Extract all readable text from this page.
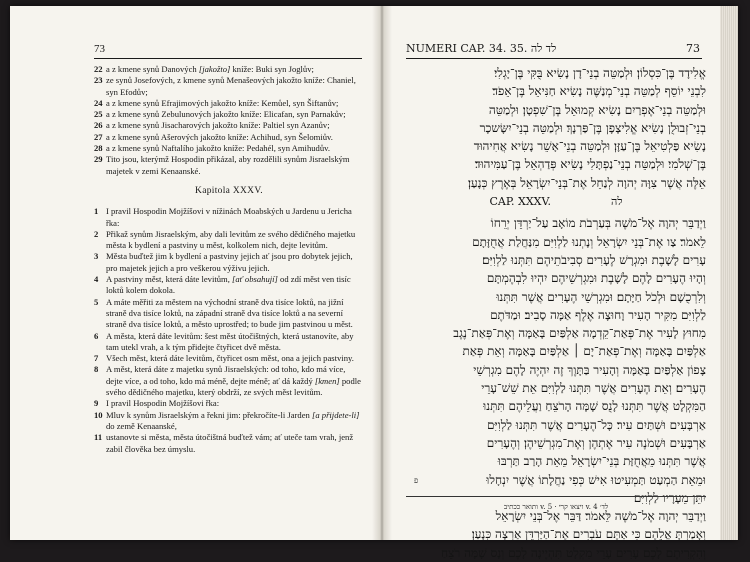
73

22 a z kmene synů Danových [jakožto] kníže: Buki syn Joglův;

23 ze synů Josefových, z kmene synů Menašeových jakožto kníže: Chaniel, syn Efodův;

24 a z kmene synů Efrajimových jakožto kníže: Kemůel, syn Šiftanův;

25 a z kmene synů Zebulunových jakožto kníže: Elicafan, syn Parnakův;

26 a z kmene synů Jisacharových jakožto kníže: Paltiel syn Azanův;

27 a z kmene synů Ašerových jakožto kníže: Achihud, syn Šelomiův.

28 a z kmene synů Naftalího jakožto kníže: Pedahél, syn Amihudův.

29 Tito jsou, kterýmž Hospodin přikázal, aby rozdělili synům Jisraelským majetek v zemi Kenaanské.

Kapitola XXXV.

1 I pravil Hospodin Mojžíšovi v nížinách Moabských u Jardenu u Jericha řka:

2 Přikaž synům Jisraelským, aby dali levitům ze svého dědičného majetku města k bydlení a pastviny u měst, kolkolem nich, dejte levitům.

3 Města buďtež jim k bydlení a pastviny jejich ať jsou pro dobytek jejich, pro majetek jejich a pro veškerou výživu jejich.

4 A pastviny měst, která dáte levitům, [ať obsahují] od zdí měst ven tisíc loktů kolem dokola.

5 A máte měřiti za městem na východní straně dva tisíce loktů, na jižní straně dva tisíce loktů, na západní straně dva tisíce loktů a na severní straně dva tisíce loktů, a město uprostřed; to bude jim pastvinou u měst.

6 A města, která dáte levitům: šest měst útočištných, která ustanovíte, aby tam utekl vrah, a k tým přidejte čtyřicet dvě města.

7 Všech měst, která dáte levitům, čtyřicet osm měst, ona a jejich pastviny.

8 A měst, která dáte z majetku synů Jisraelských: od toho, kdo má více, dejte více, a od toho, kdo má méně, dejte méně; ať dá každý [kmen] podle svého dědičného majetku, který obdrží, ze svých měst levitům.

9 I pravil Hospodin Mojžíšovi řka:

10 Mluv k synům Jisraelským a řekni jim: překročíte-li Jarden [a přijdete-li] do země Kenaanské,

11 ustanovte si města, města útočištná buďtež vám; ať uteče tam vrah, jenž zabil člověka bez úmyslu.

NUMERI CAP. 34. 35. לד לה	73
אֱלִידָד בֶּן־כִּסְלוֹן׃ וּלְמַטֵּה בְנֵי־דָן נָשִׂיא בֻּקִּי בֶּן־יָגְלִי׃
לִבְנֵי יוֹסֵף לְמַטֵּה בְנֵי־מְנַשֶּׁה נָשִׂיא חַנִּיאֵל בֶּן־אֵפֹד׃
וּלְמַטֵּה בְנֵי־אֶפְרַיִם נָשִׂיא קְמוּאֵל בֶּן־שִׁפְטָן׃ וּלְמַטֵּה
בְנֵי־זְבוּלֻן נָשִׂיא אֱלִיצָפָן בֶּן־פַּרְנָךְ׃ וּלְמַטֵּה בְנֵי־יִשָּׂשכָר
נָשִׂיא פַּלְטִיאֵל בֶּן־עַזָּן׃ וּלְמַטֵּה בְנֵי־אָשֵׁר נָשִׂיא אֲחִיהוּד
בֶּן־שְׁלֹמִי׃ וּלְמַטֵּה בְנֵי־נַפְתָּלִי נָשִׂיא פְּדַהְאֵל בֶּן־עַמִּיהוּד׃
אֵלֶּה אֲשֶׁר צִוָּה יְהוָה לְנַחֵל אֶת־בְּנֵי־יִשְׂרָאֵל בְּאֶרֶץ כְּנָעַן׃
CAP. XXXV.	לה
וַיְדַבֵּר יְהוָה אֶל־מֹשֶׁה בְּעַרְבֹת מוֹאָב עַל־יַרְדֵּן יְרֵחוֹ
לֵאמֹר׃ צַו אֶת־בְּנֵי יִשְׂרָאֵל וְנָתְנוּ לַלְוִיִּם מִנַּחֲלַת אֲחֻזָּתָם
עָרִים לָשָׁבֶת וּמִגְרָשׁ לֶעָרִים סְבִיבֹתֵיהֶם תִּתְּנוּ לַלְוִיִּם׃
וְהָיוּ הֶעָרִים לָהֶם לָשָׁבֶת וּמִגְרְשֵׁיהֶם יִהְיוּ לִבְהֶמְתָּם
וְלִרְכֻשָׁם וּלְכֹל חַיָּתָם׃ וּמִגְרְשֵׁי הֶעָרִים אֲשֶׁר תִּתְּנוּ
לַלְוִיִּם מִקִּיר הָעִיר וָחוּצָה אֶלֶף אַמָּה סָבִיב׃ וּמַדֹּתֶם
מִחוּץ לָעִיר אֶת־פְּאַת־קֵדְמָה אַלְפַּיִם בָּאַמָּה וְאֶת־פְּאַת־נֶגֶב
אַלְפַּיִם בָּאַמָּה וְאֶת־פְּאַת־יָם ׀ אַלְפַּיִם בָּאַמָּה וְאֵת פְּאַת
צָפוֹן אַלְפַּיִם בָּאַמָּה וְהָעִיר בַּתָּוֶךְ זֶה יִהְיֶה לָהֶם מִגְרְשֵׁי
הֶעָרִים׃ וְאֵת הֶעָרִים אֲשֶׁר תִּתְּנוּ לַלְוִיִּם אֵת שֵׁשׁ־עָרֵי
הַמִּקְלָט אֲשֶׁר תִּתְּנוּ לָנֻס שָׁמָּה הָרֹצֵחַ וַעֲלֵיהֶם תִּתְּנוּ
אַרְבָּעִים וּשְׁתַּיִם עִיר׃ כָּל־הֶעָרִים אֲשֶׁר תִּתְּנוּ לַלְוִיִּם
אַרְבָּעִים וּשְׁמֹנֶה עִיר אֶתְהֶן וְאֶת־מִגְרְשֵׁיהֶן׃ וְהֶעָרִים
אֲשֶׁר תִּתְּנוּ מֵאֲחֻזַּת בְּנֵי־יִשְׂרָאֵל מֵאֵת הָרַב תַּרְבּוּ
וּמֵאֵת הַמְעַט תַּמְעִיטוּ אִישׁ כְּפִי נַחֲלָתוֹ אֲשֶׁר יִנְחָלוּ
יִתֵּן מֵעָרָיו לַלְוִיִּם׃
וַיְדַבֵּר יְהוָה אֶל־מֹשֶׁה לֵּאמֹר׃ דַּבֵּר אֶל־בְּנֵי יִשְׂרָאֵל
וְאָמַרְתָּ אֲלֵהֶם כִּי אַתֶּם עֹבְרִים אֶת־הַיַּרְדֵּן אַרְצָה כְּנָעַן׃
וְהִקְרִיתֶם לָכֶם עָרִים עָרֵי מִקְלָט תִּהְיֶינָה לָכֶם וְנָס שָׁמָּה רֹצֵחַ
פ
לד׳ v. 4 ויצאו קרי · v. 5 ותואר ככתיב
